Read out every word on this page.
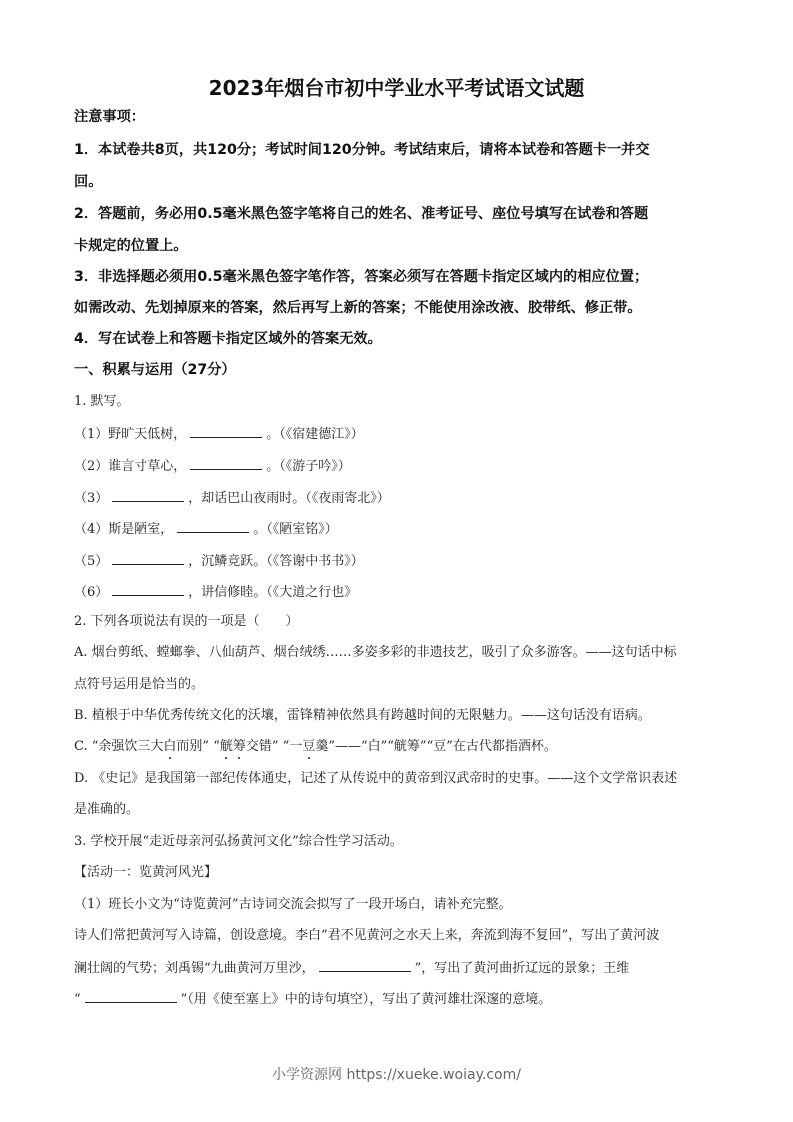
2023年烟台市初中学业水平考试语文试题
注意事项：
1．本试卷共8页，共120分；考试时间120分钟。考试结束后，请将本试卷和答题卡一并交
回。
2．答题前，务必用0.5毫米黑色签字笔将自己的姓名、准考证号、座位号填写在试卷和答题
卡规定的位置上。
3．非选择题必须用0.5毫米黑色签字笔作答，答案必须写在答题卡指定区域内的相应位置；
如需改动、先划掉原来的答案，然后再写上新的答案；不能使用涂改液、胶带纸、修正带。
4．写在试卷上和答题卡指定区域外的答案无效。
一、积累与运用（27分）
1. 默写。
（1）野旷天低树，	。（《宿建德江》）
（2）谁言寸草心，	。（《游子吟》）
（3）	，却话巴山夜雨时。（《夜雨寄北》）
（4）斯是陋室，	。（《陋室铭》）
（5）	，沉鳞竞跃。（《答谢中书书》）
（6）	，讲信修睦。（《大道之行也》
2. 下列各项说法有误的一项是（　　）
A. 烟台剪纸、螳螂拳、八仙葫芦、烟台绒绣……多姿多彩的非遗技艺，吸引了众多游客。——这句话中标
点符号运用是恰当的。
B. 植根于中华优秀传统文化的沃壤，雷锋精神依然具有跨越时间的无限魅力。——这句话没有语病。
C. “余强饮三大白而别” “觥筹交错” “一豆羹”——“白”“觥筹”“豆”在古代都指酒杯。
D. 《史记》是我国第一部纪传体通史，记述了从传说中的黄帝到汉武帝时的史事。——这个文学常识表述
是准确的。
3. 学校开展“走近母亲河弘扬黄河文化”综合性学习活动。
【活动一：览黄河风光】
（1）班长小文为“诗览黄河”古诗词交流会拟写了一段开场白，请补充完整。
诗人们常把黄河写入诗篇，创设意境。李白“君不见黄河之水天上来，奔流到海不复回”，写出了黄河波
澜壮阔的气势；刘禹锡“九曲黄河万里沙，	”，写出了黄河曲折辽远的景象；王维
“	”（用《使至塞上》中的诗句填空），写出了黄河雄壮深邃的意境。
小学资源网 https://xueke.woiay.com/
